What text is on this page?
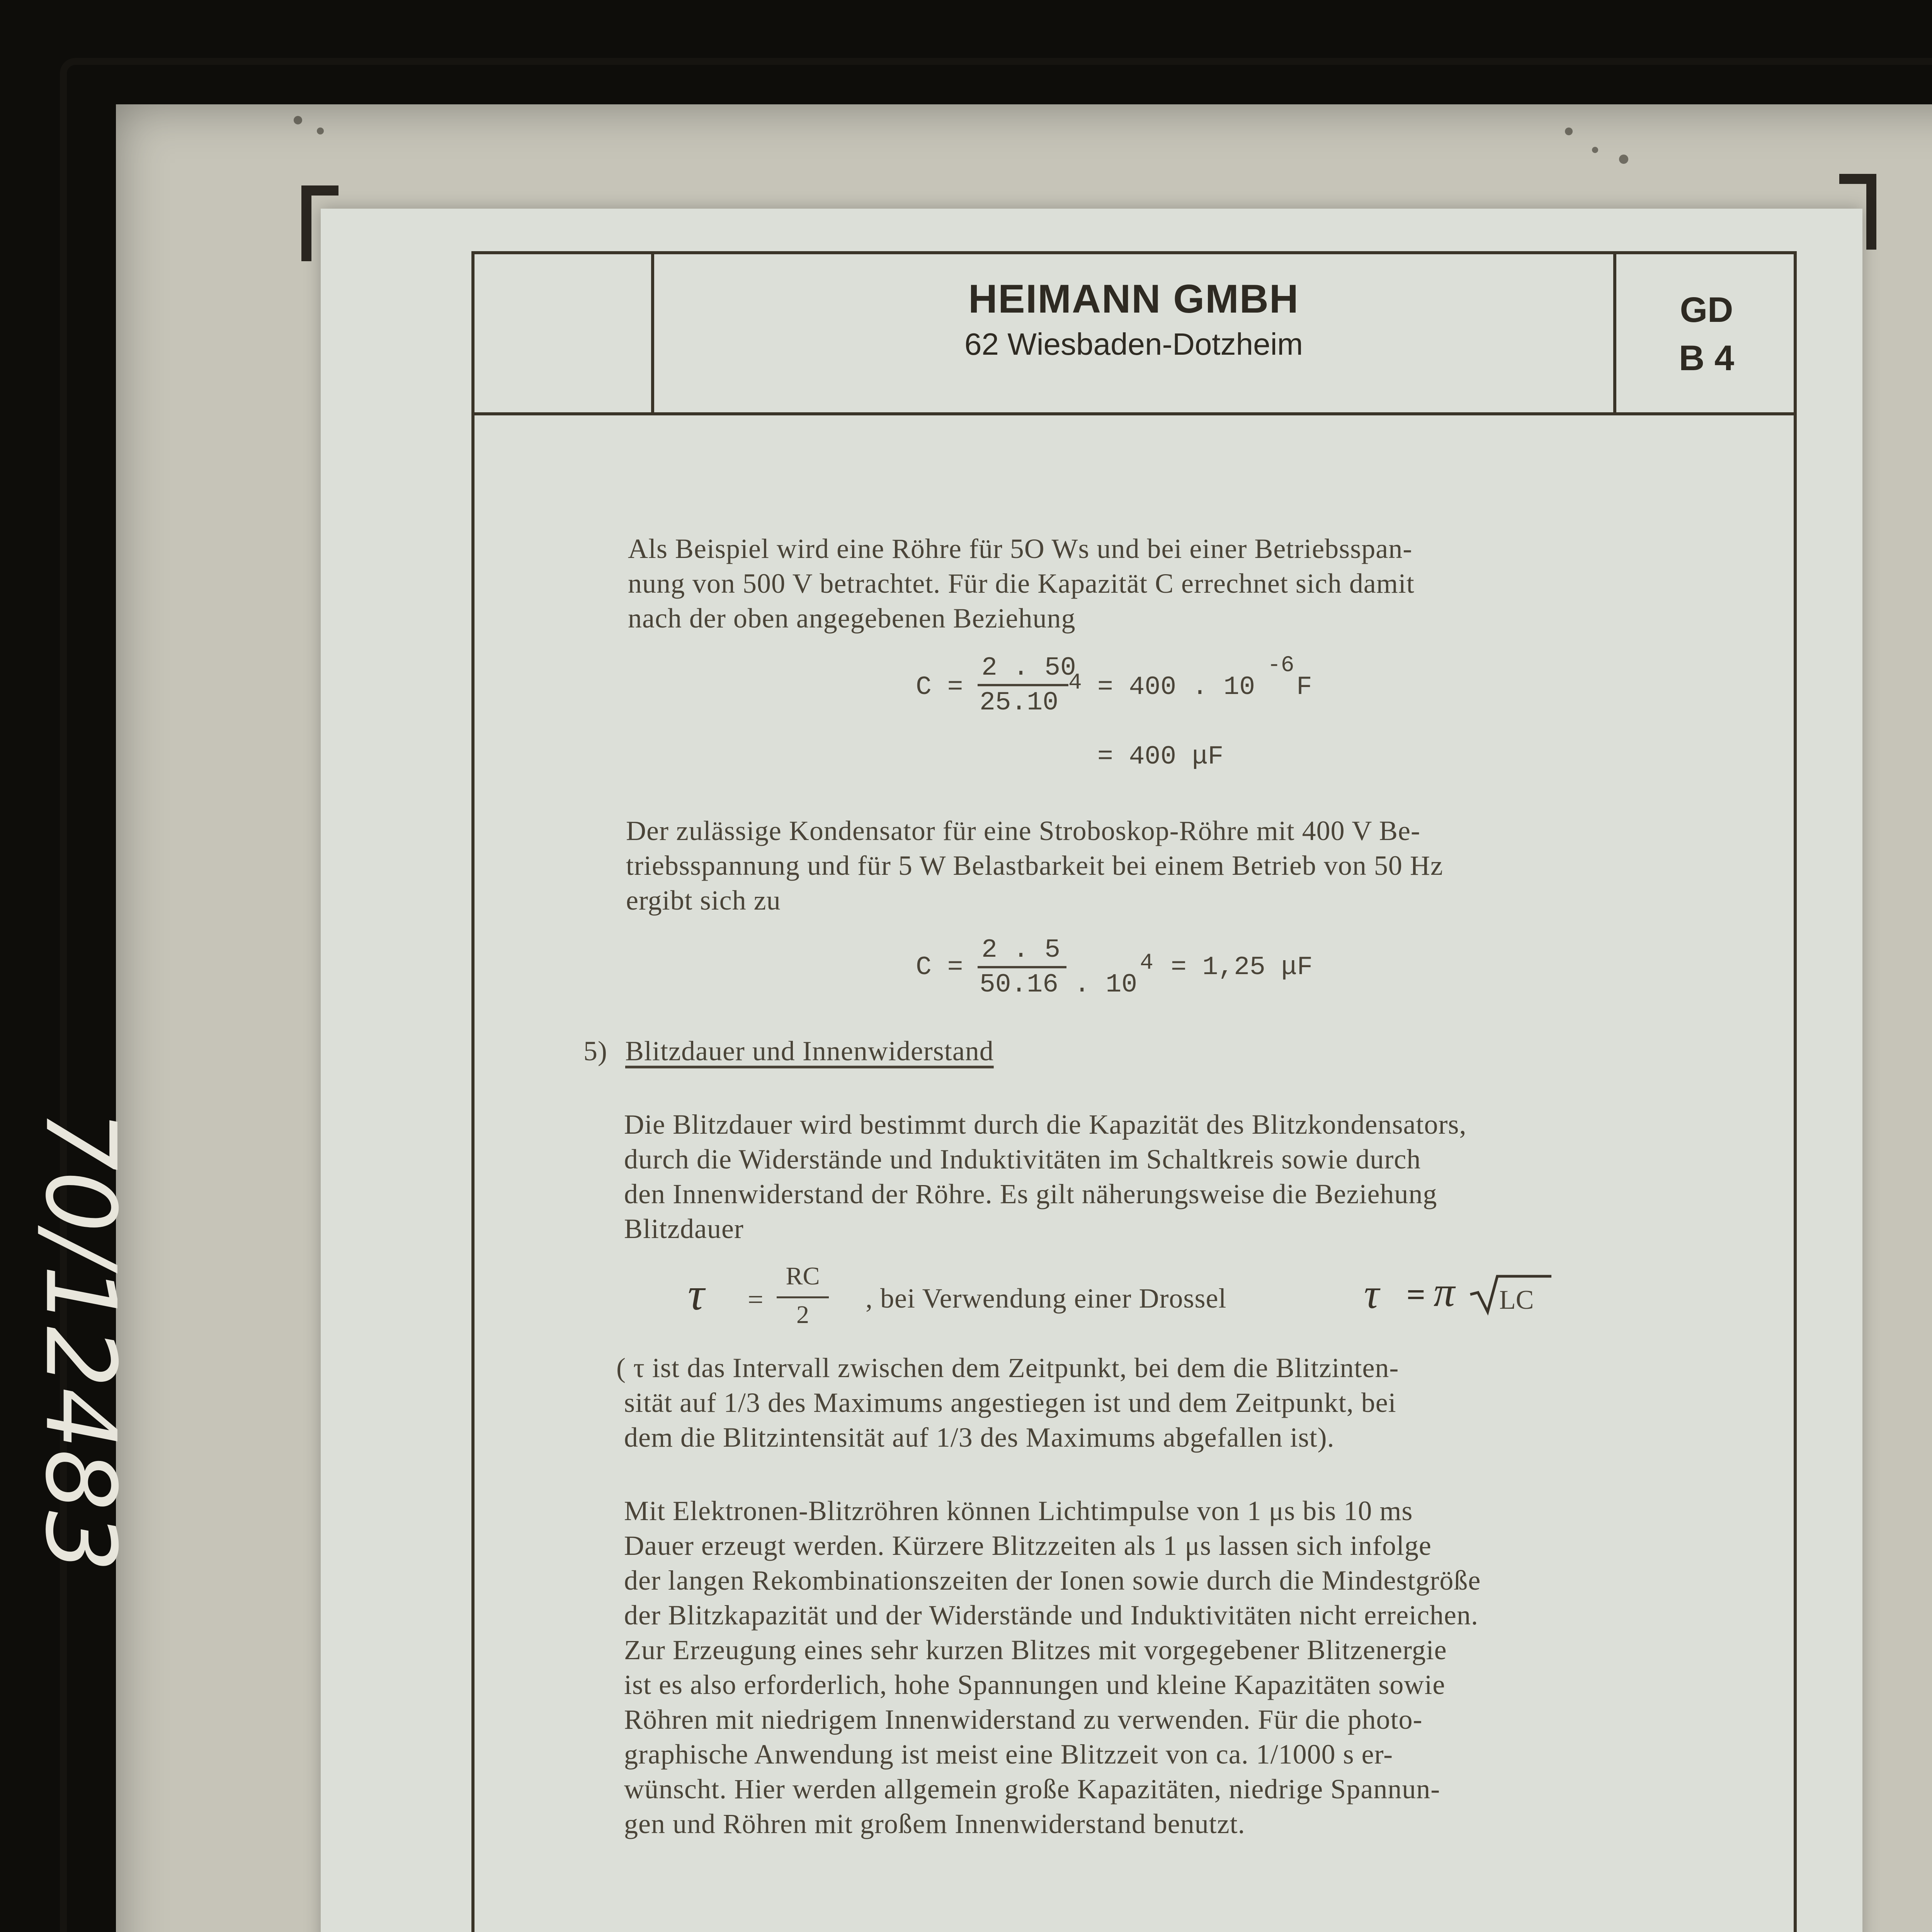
HEIMANN GMBH
62 Wiesbaden-Dotzheim
GD
B 4
Als Beispiel wird eine Röhre für 5O Ws und bei einer Betriebsspan-
nung von 500 V betrachtet. Für die Kapazität C errechnet sich damit
nach der oben angegebenen Beziehung
C =
2 . 50
25.10
4 = 400 . 10
-6
F
= 400 μF
Der zulässige Kondensator für eine Stroboskop-Röhre mit 400 V Be-
triebsspannung und für 5 W Belastbarkeit bei einem Betrieb von 50 Hz
ergibt sich zu
C =
2 . 5
50.16 . 10
4 = 1,25 μF
5) Blitzdauer und Innenwiderstand
Die Blitzdauer wird bestimmt durch die Kapazität des Blitzkondensators,
durch die Widerstände und Induktivitäten im Schaltkreis sowie durch
den Innenwiderstand der Röhre. Es gilt näherungsweise die Beziehung
Blitzdauer
τ =
RC
2
, bei Verwendung einer Drossel	τ = π LC
( τ ist das Intervall zwischen dem Zeitpunkt, bei dem die Blitzinten-
sität auf 1/3 des Maximums angestiegen ist und dem Zeitpunkt, bei
dem die Blitzintensität auf 1/3 des Maximums abgefallen ist).
Mit Elektronen-Blitzröhren können Lichtimpulse von 1 μs bis 10 ms
Dauer erzeugt werden. Kürzere Blitzzeiten als 1 μs lassen sich infolge
der langen Rekombinationszeiten der Ionen sowie durch die Mindestgröße
der Blitzkapazität und der Widerstände und Induktivitäten nicht erreichen.
Zur Erzeugung eines sehr kurzen Blitzes mit vorgegebener Blitzenergie
ist es also erforderlich, hohe Spannungen und kleine Kapazitäten sowie
Röhren mit niedrigem Innenwiderstand zu verwenden. Für die photo-
graphische Anwendung ist meist eine Blitzzeit von ca. 1/1000 s er-
wünscht. Hier werden allgemein große Kapazitäten, niedrige Spannun-
gen und Röhren mit großem Innenwiderstand benutzt.
70/12483
